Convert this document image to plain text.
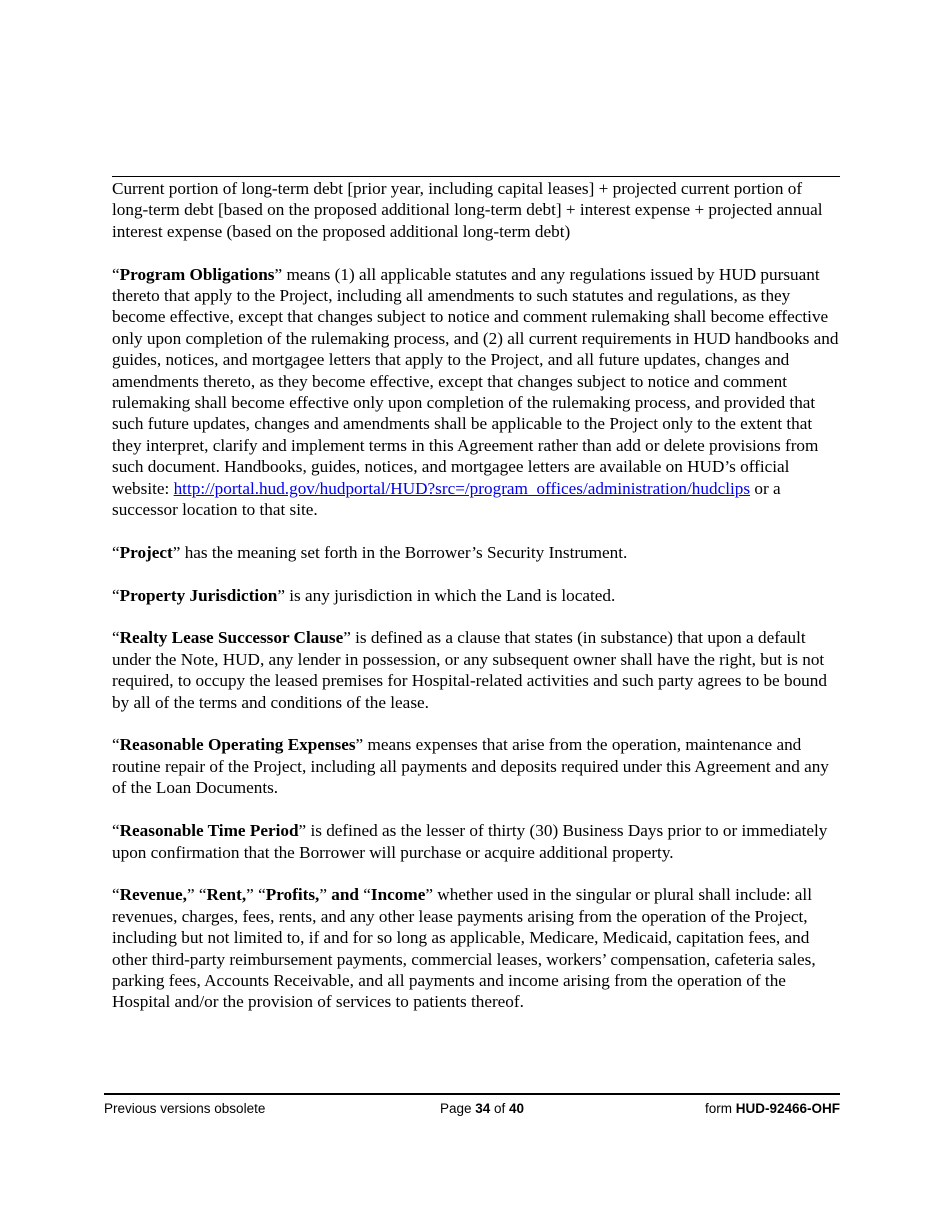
Current portion of long-term debt [prior year, including capital leases] + projected current portion of long-term debt [based on the proposed additional long-term debt] + interest expense + projected annual interest expense (based on the proposed additional long-term debt)

“Program Obligations” means (1) all applicable statutes and any regulations issued by HUD pursuant thereto that apply to the Project, including all amendments to such statutes and regulations, as they become effective, except that changes subject to notice and comment rulemaking shall become effective only upon completion of the rulemaking process, and (2) all current requirements in HUD handbooks and guides, notices, and mortgagee letters that apply to the Project, and all future updates, changes and amendments thereto, as they become effective, except that changes subject to notice and comment rulemaking shall become effective only upon completion of the rulemaking process, and provided that such future updates, changes and amendments shall be applicable to the Project only to the extent that they interpret, clarify and implement terms in this Agreement rather than add or delete provisions from such document. Handbooks, guides, notices, and mortgagee letters are available on HUD’s official website: http://portal.hud.gov/hudportal/HUD?src=/program_offices/administration/hudclips or a successor location to that site.

“Project” has the meaning set forth in the Borrower’s Security Instrument.

“Property Jurisdiction” is any jurisdiction in which the Land is located.

“Realty Lease Successor Clause” is defined as a clause that states (in substance) that upon a default under the Note, HUD, any lender in possession, or any subsequent owner shall have the right, but is not required, to occupy the leased premises for Hospital-related activities and such party agrees to be bound by all of the terms and conditions of the lease.

“Reasonable Operating Expenses” means expenses that arise from the operation, maintenance and routine repair of the Project, including all payments and deposits required under this Agreement and any of the Loan Documents.

“Reasonable Time Period” is defined as the lesser of thirty (30) Business Days prior to or immediately upon confirmation that the Borrower will purchase or acquire additional property.

“Revenue,” “Rent,” “Profits,” and “Income” whether used in the singular or plural shall include: all revenues, charges, fees, rents, and any other lease payments arising from the operation of the Project, including but not limited to, if and for so long as applicable, Medicare, Medicaid, capitation fees, and other third-party reimbursement payments, commercial leases, workers’ compensation, cafeteria sales, parking fees, Accounts Receivable, and all payments and income arising from the operation of the Hospital and/or the provision of services to patients thereof.

Previous versions obsolete	Page 34 of 40	form HUD-92466-OHF
